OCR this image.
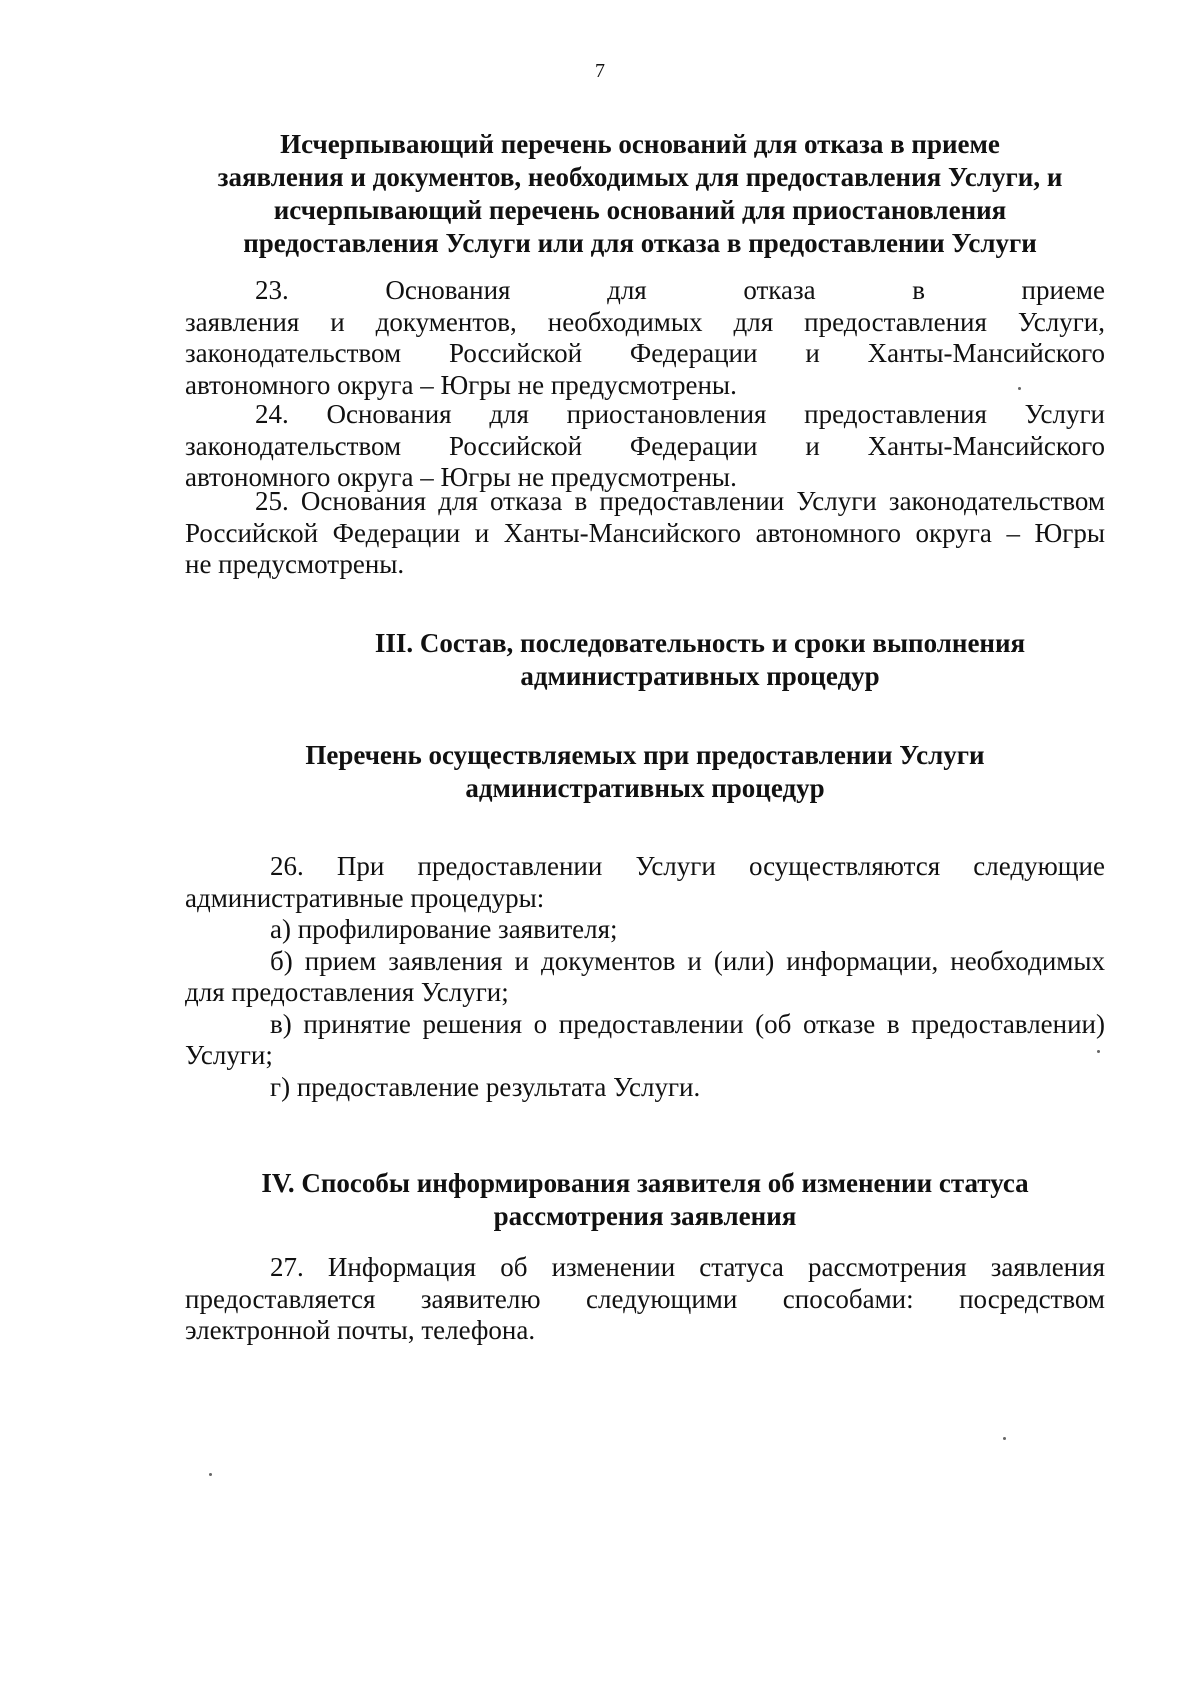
7
Исчерпывающий перечень оснований для отказа в приеме
заявления и документов, необходимых для предоставления Услуги, и
исчерпывающий перечень оснований для приостановления
предоставления Услуги или для отказа в предоставлении Услуги
23.	Основания	для	отказа	в	приеме
заявления и документов, необходимых для предоставления Услуги,
законодательством Российской Федерации и Ханты-Мансийского
автономного округа – Югры не предусмотрены.
24. Основания для приостановления предоставления Услуги
законодательством Российской Федерации и Ханты-Мансийского
автономного округа – Югры не предусмотрены.
25. Основания для отказа в предоставлении Услуги законодательством
Российской Федерации и Ханты-Мансийского автономного округа – Югры
не предусмотрены.
III. Состав, последовательность и сроки выполнения
административных процедур
Перечень осуществляемых при предоставлении Услуги
административных процедур
26. При предоставлении Услуги осуществляются следующие
административные процедуры:
а) профилирование заявителя;
б) прием заявления и документов и (или) информации, необходимых
для предоставления Услуги;
в) принятие решения о предоставлении (об отказе в предоставлении)
Услуги;
г) предоставление результата Услуги.
IV. Способы информирования заявителя об изменении статуса
рассмотрения заявления
27. Информация об изменении статуса рассмотрения заявления
предоставляется заявителю следующими способами: посредством
электронной почты, телефона.
